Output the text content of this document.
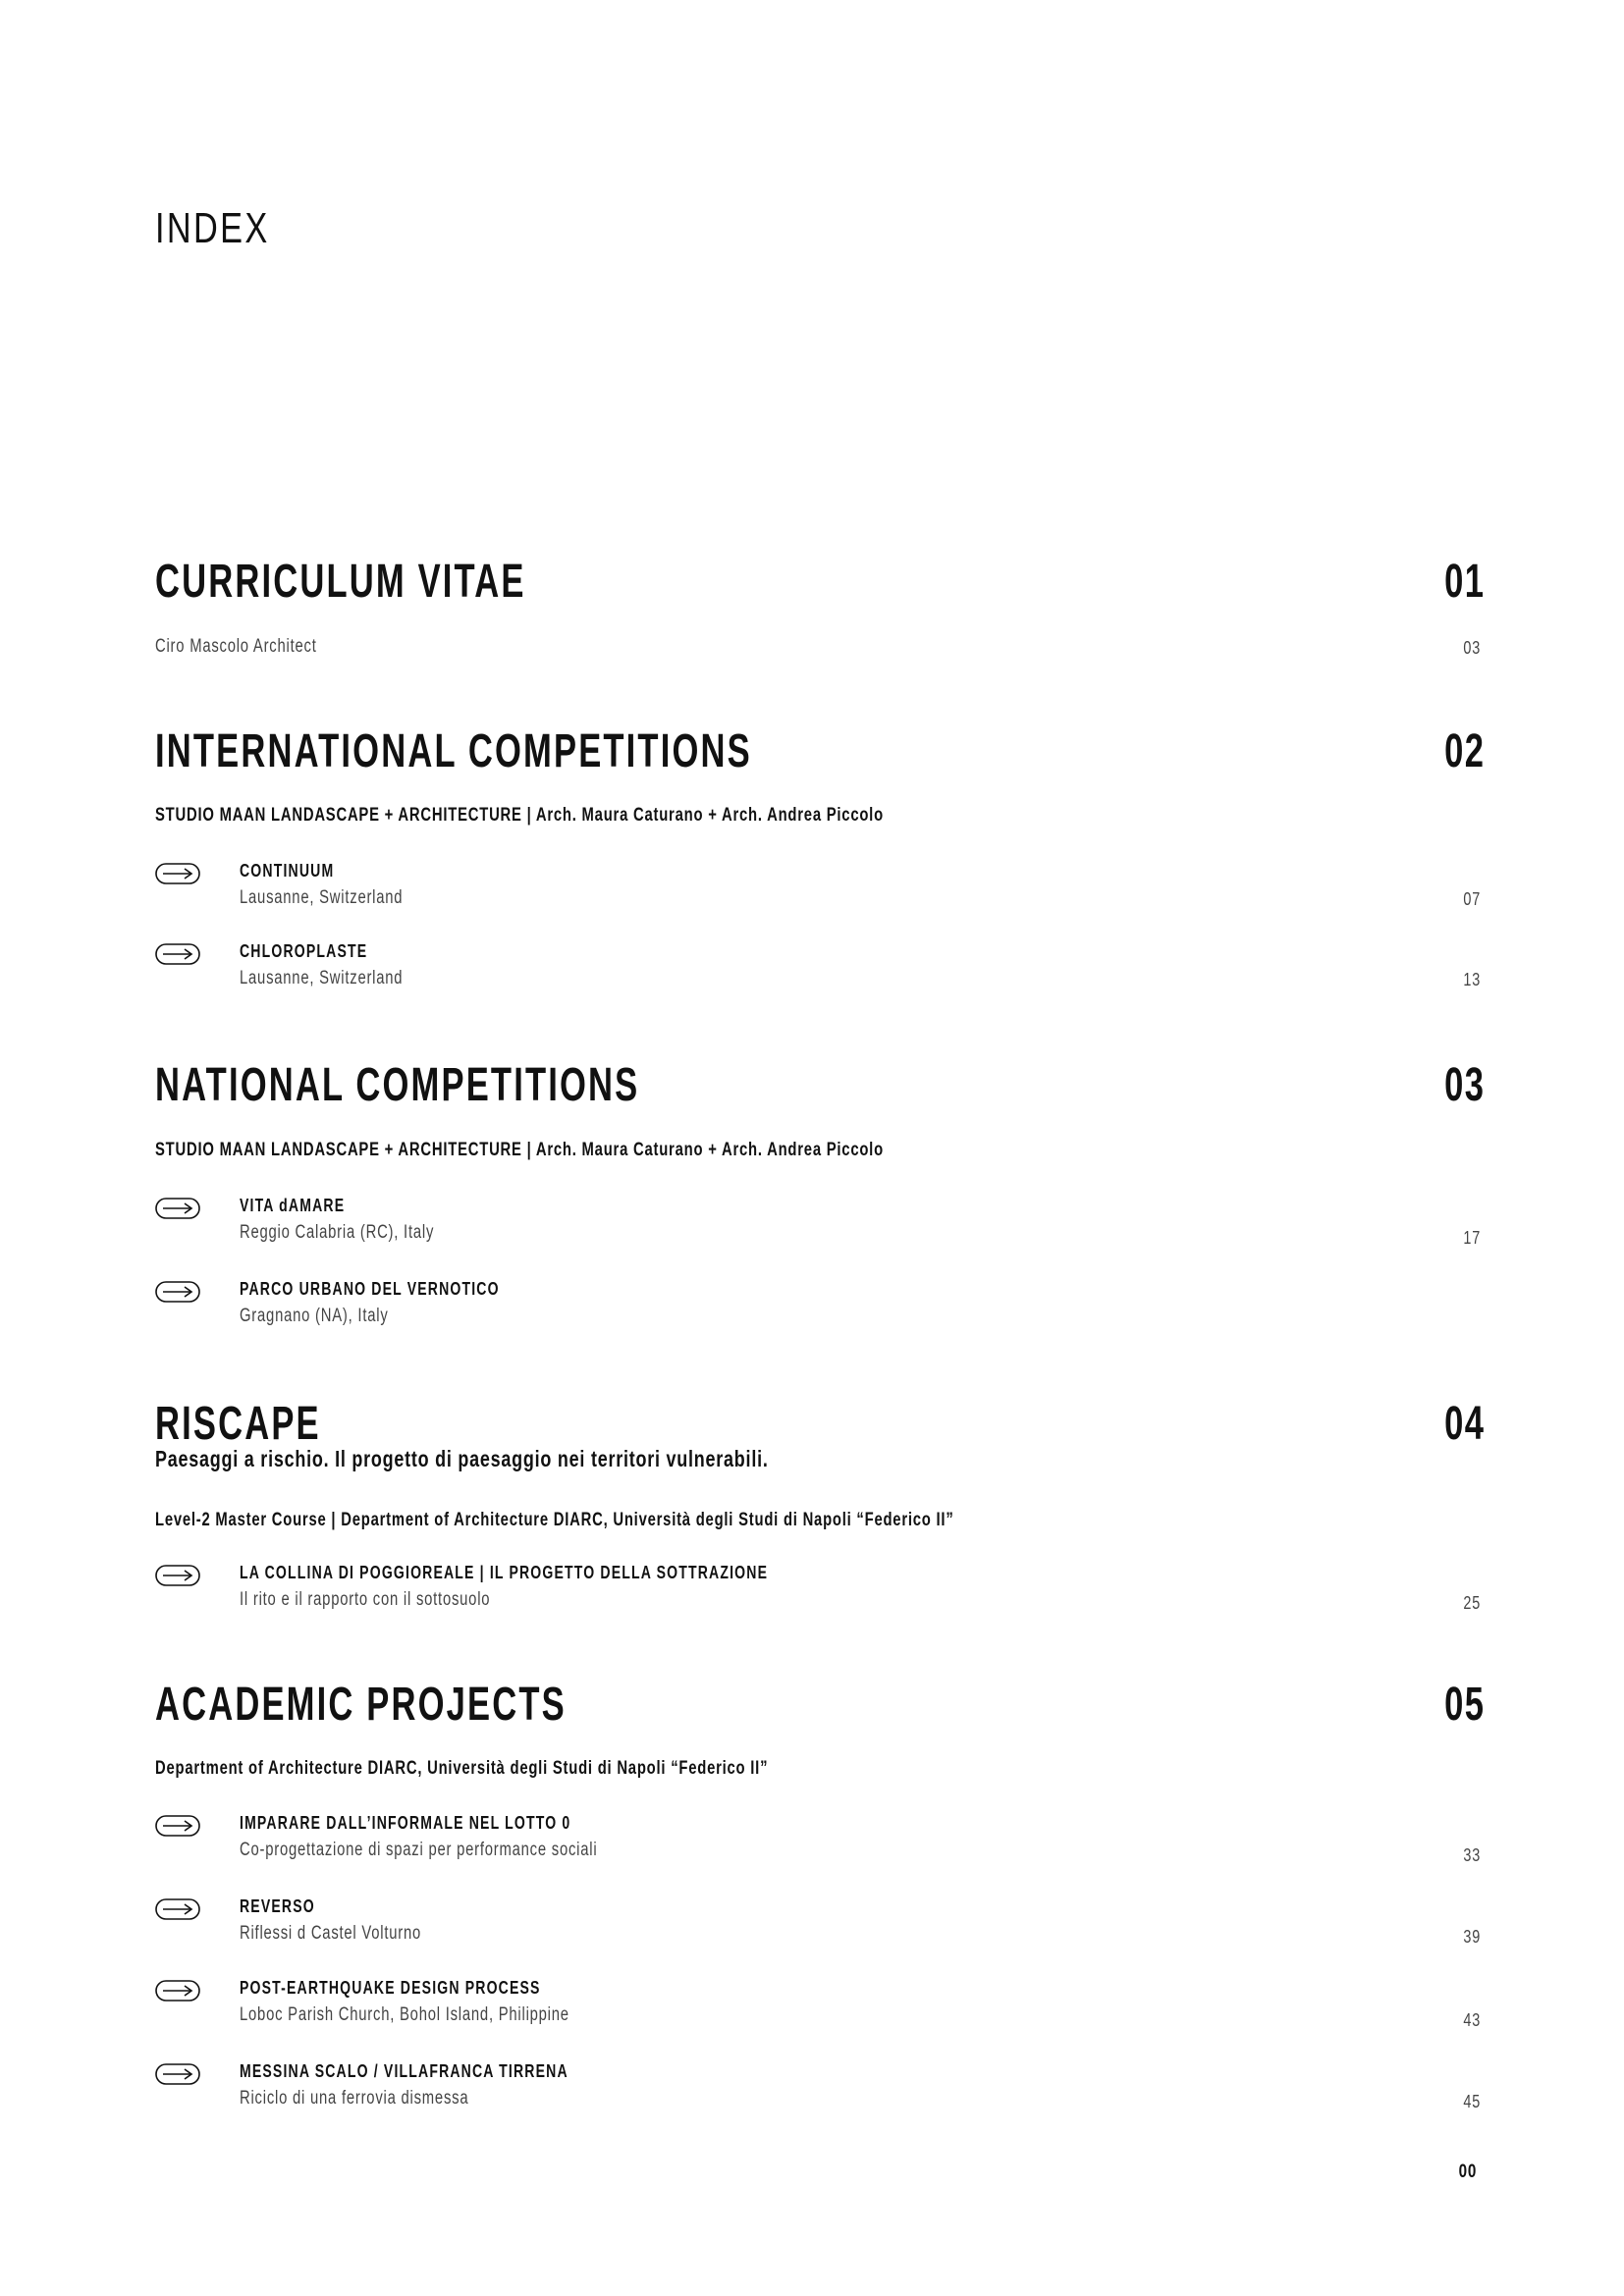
INDEX
CURRICULUM VITAE	01
Ciro Mascolo Architect	03
INTERNATIONAL COMPETITIONS	02
STUDIO MAAN LANDASCAPE + ARCHITECTURE | Arch. Maura Caturano + Arch. Andrea Piccolo
CONTINUUM
Lausanne, Switzerland	07
CHLOROPLASTE
Lausanne, Switzerland	13
NATIONAL COMPETITIONS	03
STUDIO MAAN LANDASCAPE + ARCHITECTURE | Arch. Maura Caturano + Arch. Andrea Piccolo
VITA dAMARE
Reggio Calabria (RC), Italy	17
PARCO URBANO DEL VERNOTICO
Gragnano (NA), Italy
RISCAPE	04
Paesaggi a rischio. Il progetto di paesaggio nei territori vulnerabili.
Level-2 Master Course | Department of Architecture DIARC, Università degli Studi di Napoli “Federico II”
LA COLLINA DI POGGIOREALE | IL PROGETTO DELLA SOTTRAZIONE
Il rito e il rapporto con il sottosuolo	25
ACADEMIC PROJECTS	05
Department of Architecture DIARC, Università degli Studi di Napoli “Federico II”
IMPARARE DALL’INFORMALE NEL LOTTO 0
Co-progettazione di spazi per performance sociali	33
REVERSO
Riflessi d Castel Volturno	39
POST-EARTHQUAKE DESIGN PROCESS
Loboc Parish Church, Bohol Island, Philippine	43
MESSINA SCALO / VILLAFRANCA TIRRENA
Riciclo di una ferrovia dismessa	45
00
